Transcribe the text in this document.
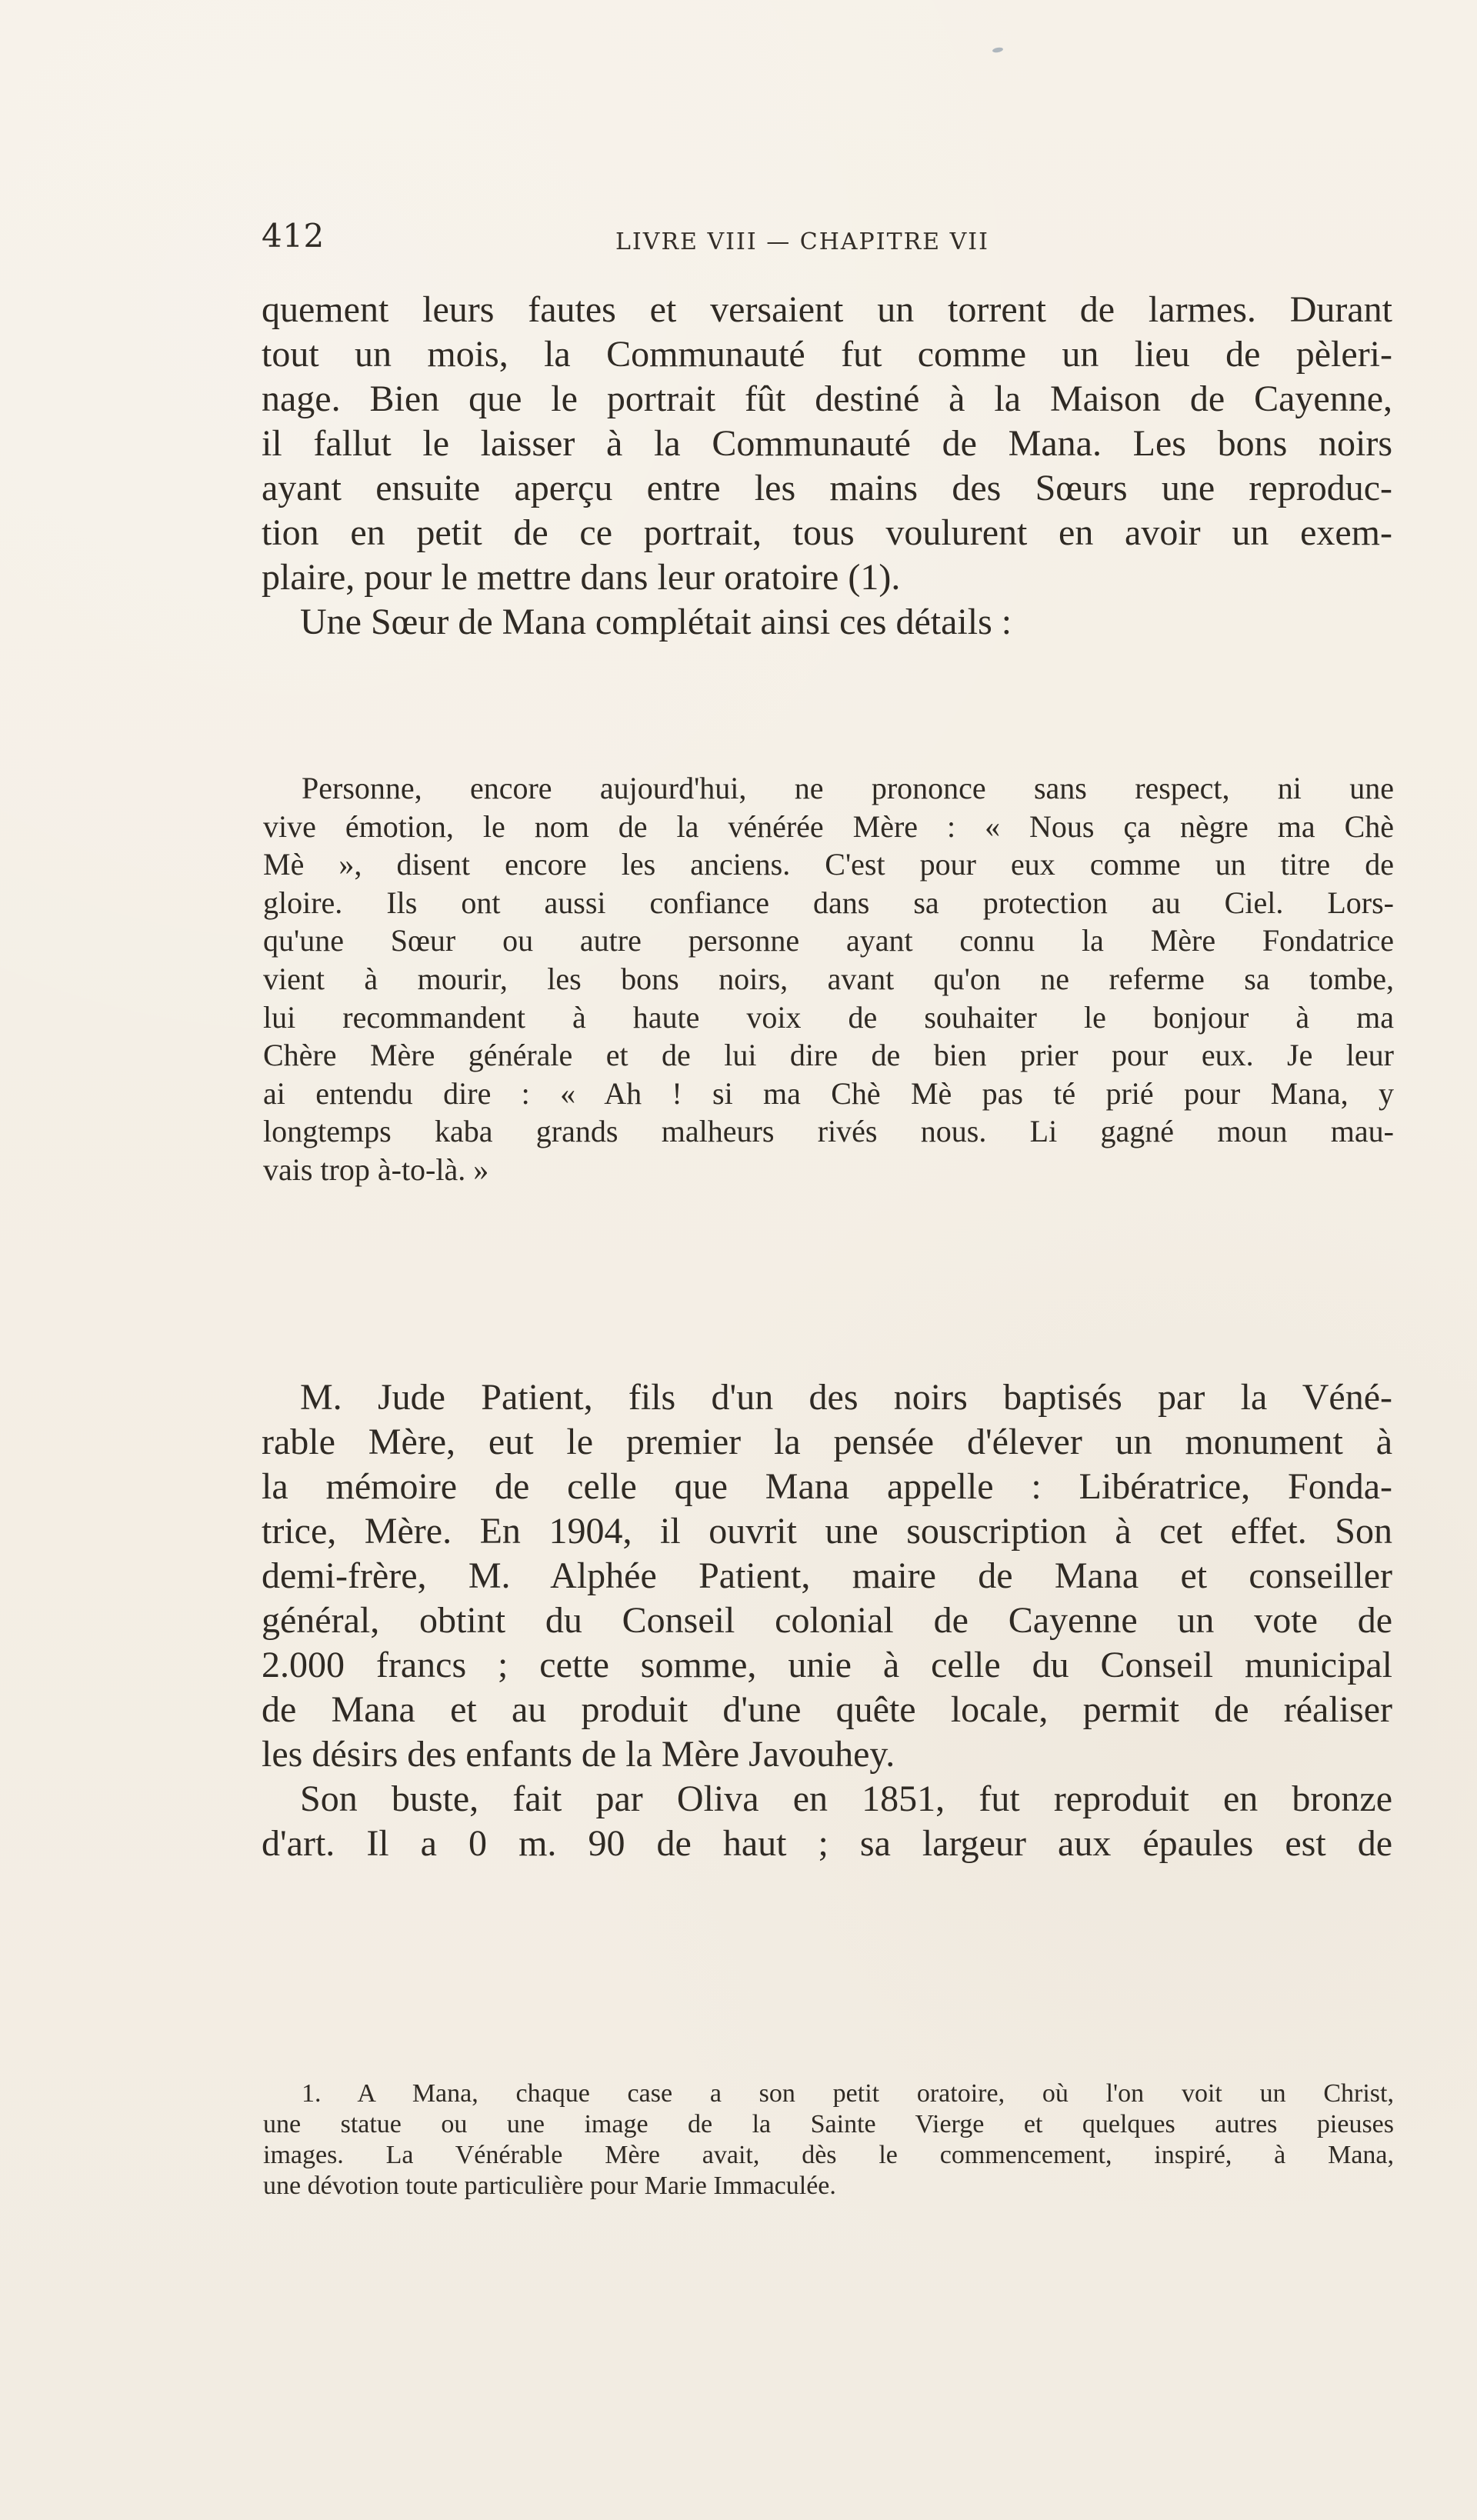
412	LIVRE VIII — CHAPITRE VII
quement leurs fautes et versaient un torrent de larmes. Durant
tout un mois, la Communauté fut comme un lieu de pèleri-
nage. Bien que le portrait fût destiné à la Maison de Cayenne,
il fallut le laisser à la Communauté de Mana. Les bons noirs
ayant ensuite aperçu entre les mains des Sœurs une reproduc-
tion en petit de ce portrait, tous voulurent en avoir un exem-
plaire, pour le mettre dans leur oratoire (1).
Une Sœur de Mana complétait ainsi ces détails :
Personne, encore aujourd'hui, ne prononce sans respect, ni une
vive émotion, le nom de la vénérée Mère : « Nous ça nègre ma Chè
Mè », disent encore les anciens. C'est pour eux comme un titre de
gloire. Ils ont aussi confiance dans sa protection au Ciel. Lors-
qu'une Sœur ou autre personne ayant connu la Mère Fondatrice
vient à mourir, les bons noirs, avant qu'on ne referme sa tombe,
lui recommandent à haute voix de souhaiter le bonjour à ma
Chère Mère générale et de lui dire de bien prier pour eux. Je leur
ai entendu dire : « Ah ! si ma Chè Mè pas té prié pour Mana, y
longtemps kaba grands malheurs rivés nous. Li gagné moun mau-
vais trop à-to-là. »
M. Jude Patient, fils d'un des noirs baptisés par la Véné-
rable Mère, eut le premier la pensée d'élever un monument à
la mémoire de celle que Mana appelle : Libératrice, Fonda-
trice, Mère. En 1904, il ouvrit une souscription à cet effet. Son
demi-frère, M. Alphée Patient, maire de Mana et conseiller
général, obtint du Conseil colonial de Cayenne un vote de
2.000 francs ; cette somme, unie à celle du Conseil municipal
de Mana et au produit d'une quête locale, permit de réaliser
les désirs des enfants de la Mère Javouhey.
Son buste, fait par Oliva en 1851, fut reproduit en bronze
d'art. Il a 0 m. 90 de haut ; sa largeur aux épaules est de
1. A Mana, chaque case a son petit oratoire, où l'on voit un Christ,
une statue ou une image de la Sainte Vierge et quelques autres pieuses
images. La Vénérable Mère avait, dès le commencement, inspiré, à Mana,
une dévotion toute particulière pour Marie Immaculée.
